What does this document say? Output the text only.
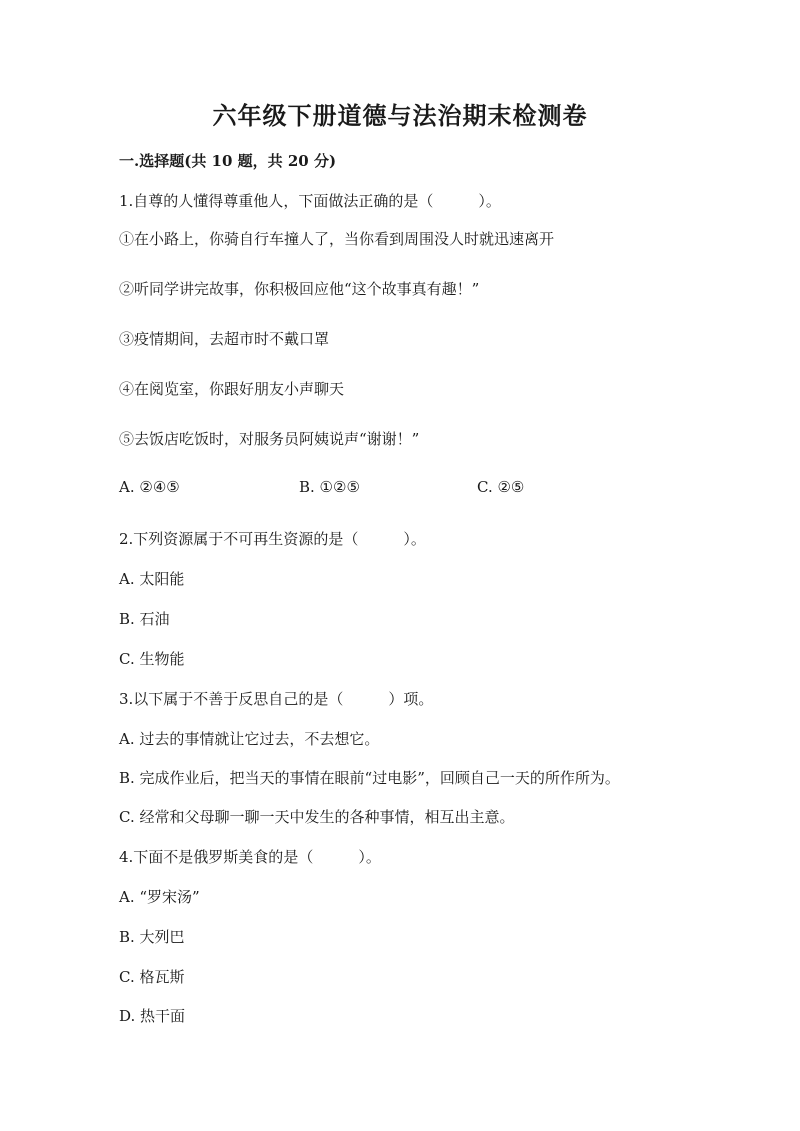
六年级下册道德与法治期末检测卷
一.选择题(共 10 题，共 20 分)
1.自尊的人懂得尊重他人，下面做法正确的是（　　　）。
①在小路上，你骑自行车撞人了，当你看到周围没人时就迅速离开
②听同学讲完故事，你积极回应他“这个故事真有趣！”
③疫情期间，去超市时不戴口罩
④在阅览室，你跟好朋友小声聊天
⑤去饭店吃饭时，对服务员阿姨说声“谢谢！”
A. ②④⑤	B. ①②⑤	C. ②⑤
2.下列资源属于不可再生资源的是（　　　）。
A. 太阳能
B. 石油
C. 生物能
3.以下属于不善于反思自己的是（　　　）项。
A. 过去的事情就让它过去，不去想它。
B. 完成作业后，把当天的事情在眼前“过电影”，回顾自己一天的所作所为。
C. 经常和父母聊一聊一天中发生的各种事情，相互出主意。
4.下面不是俄罗斯美食的是（　　　）。
A. “罗宋汤”
B. 大列巴
C. 格瓦斯
D. 热干面
